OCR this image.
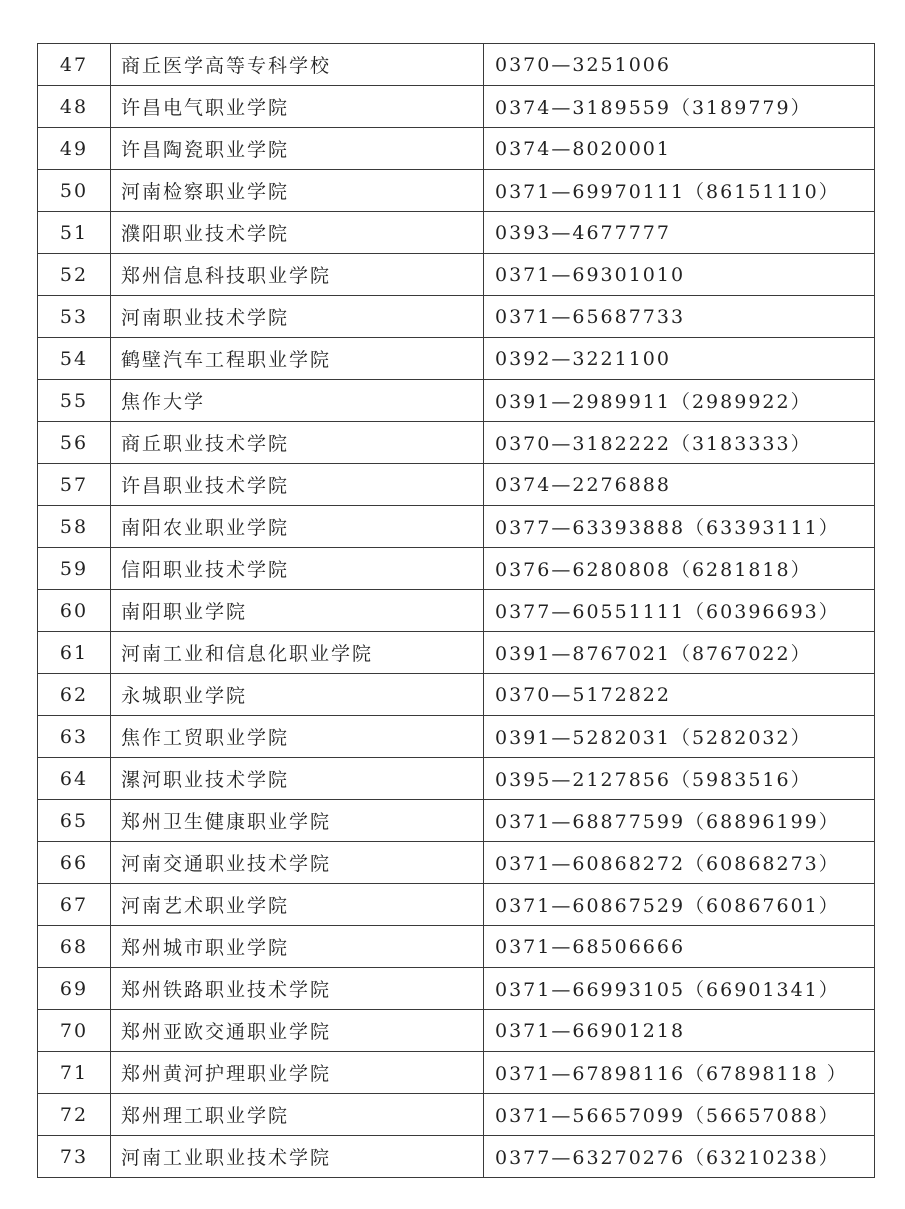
47	商丘医学高等专科学校	0370—3251006
48	许昌电气职业学院	0374—3189559（3189779）
49	许昌陶瓷职业学院	0374—8020001
50	河南检察职业学院	0371—69970111（86151110）
51	濮阳职业技术学院	0393—4677777
52	郑州信息科技职业学院	0371—69301010
53	河南职业技术学院	0371—65687733
54	鹤壁汽车工程职业学院	0392—3221100
55	焦作大学	0391—2989911（2989922）
56	商丘职业技术学院	0370—3182222（3183333）
57	许昌职业技术学院	0374—2276888
58	南阳农业职业学院	0377—63393888（63393111）
59	信阳职业技术学院	0376—6280808（6281818）
60	南阳职业学院	0377—60551111（60396693）
61	河南工业和信息化职业学院	0391—8767021（8767022）
62	永城职业学院	0370—5172822
63	焦作工贸职业学院	0391—5282031（5282032）
64	漯河职业技术学院	0395—2127856（5983516）
65	郑州卫生健康职业学院	0371—68877599（68896199）
66	河南交通职业技术学院	0371—60868272（60868273）
67	河南艺术职业学院	0371—60867529（60867601）
68	郑州城市职业学院	0371—68506666
69	郑州铁路职业技术学院	0371—66993105（66901341）
70	郑州亚欧交通职业学院	0371—66901218
71	郑州黄河护理职业学院	0371—67898116（67898118 ）
72	郑州理工职业学院	0371—56657099（56657088）
73	河南工业职业技术学院	0377—63270276（63210238）
